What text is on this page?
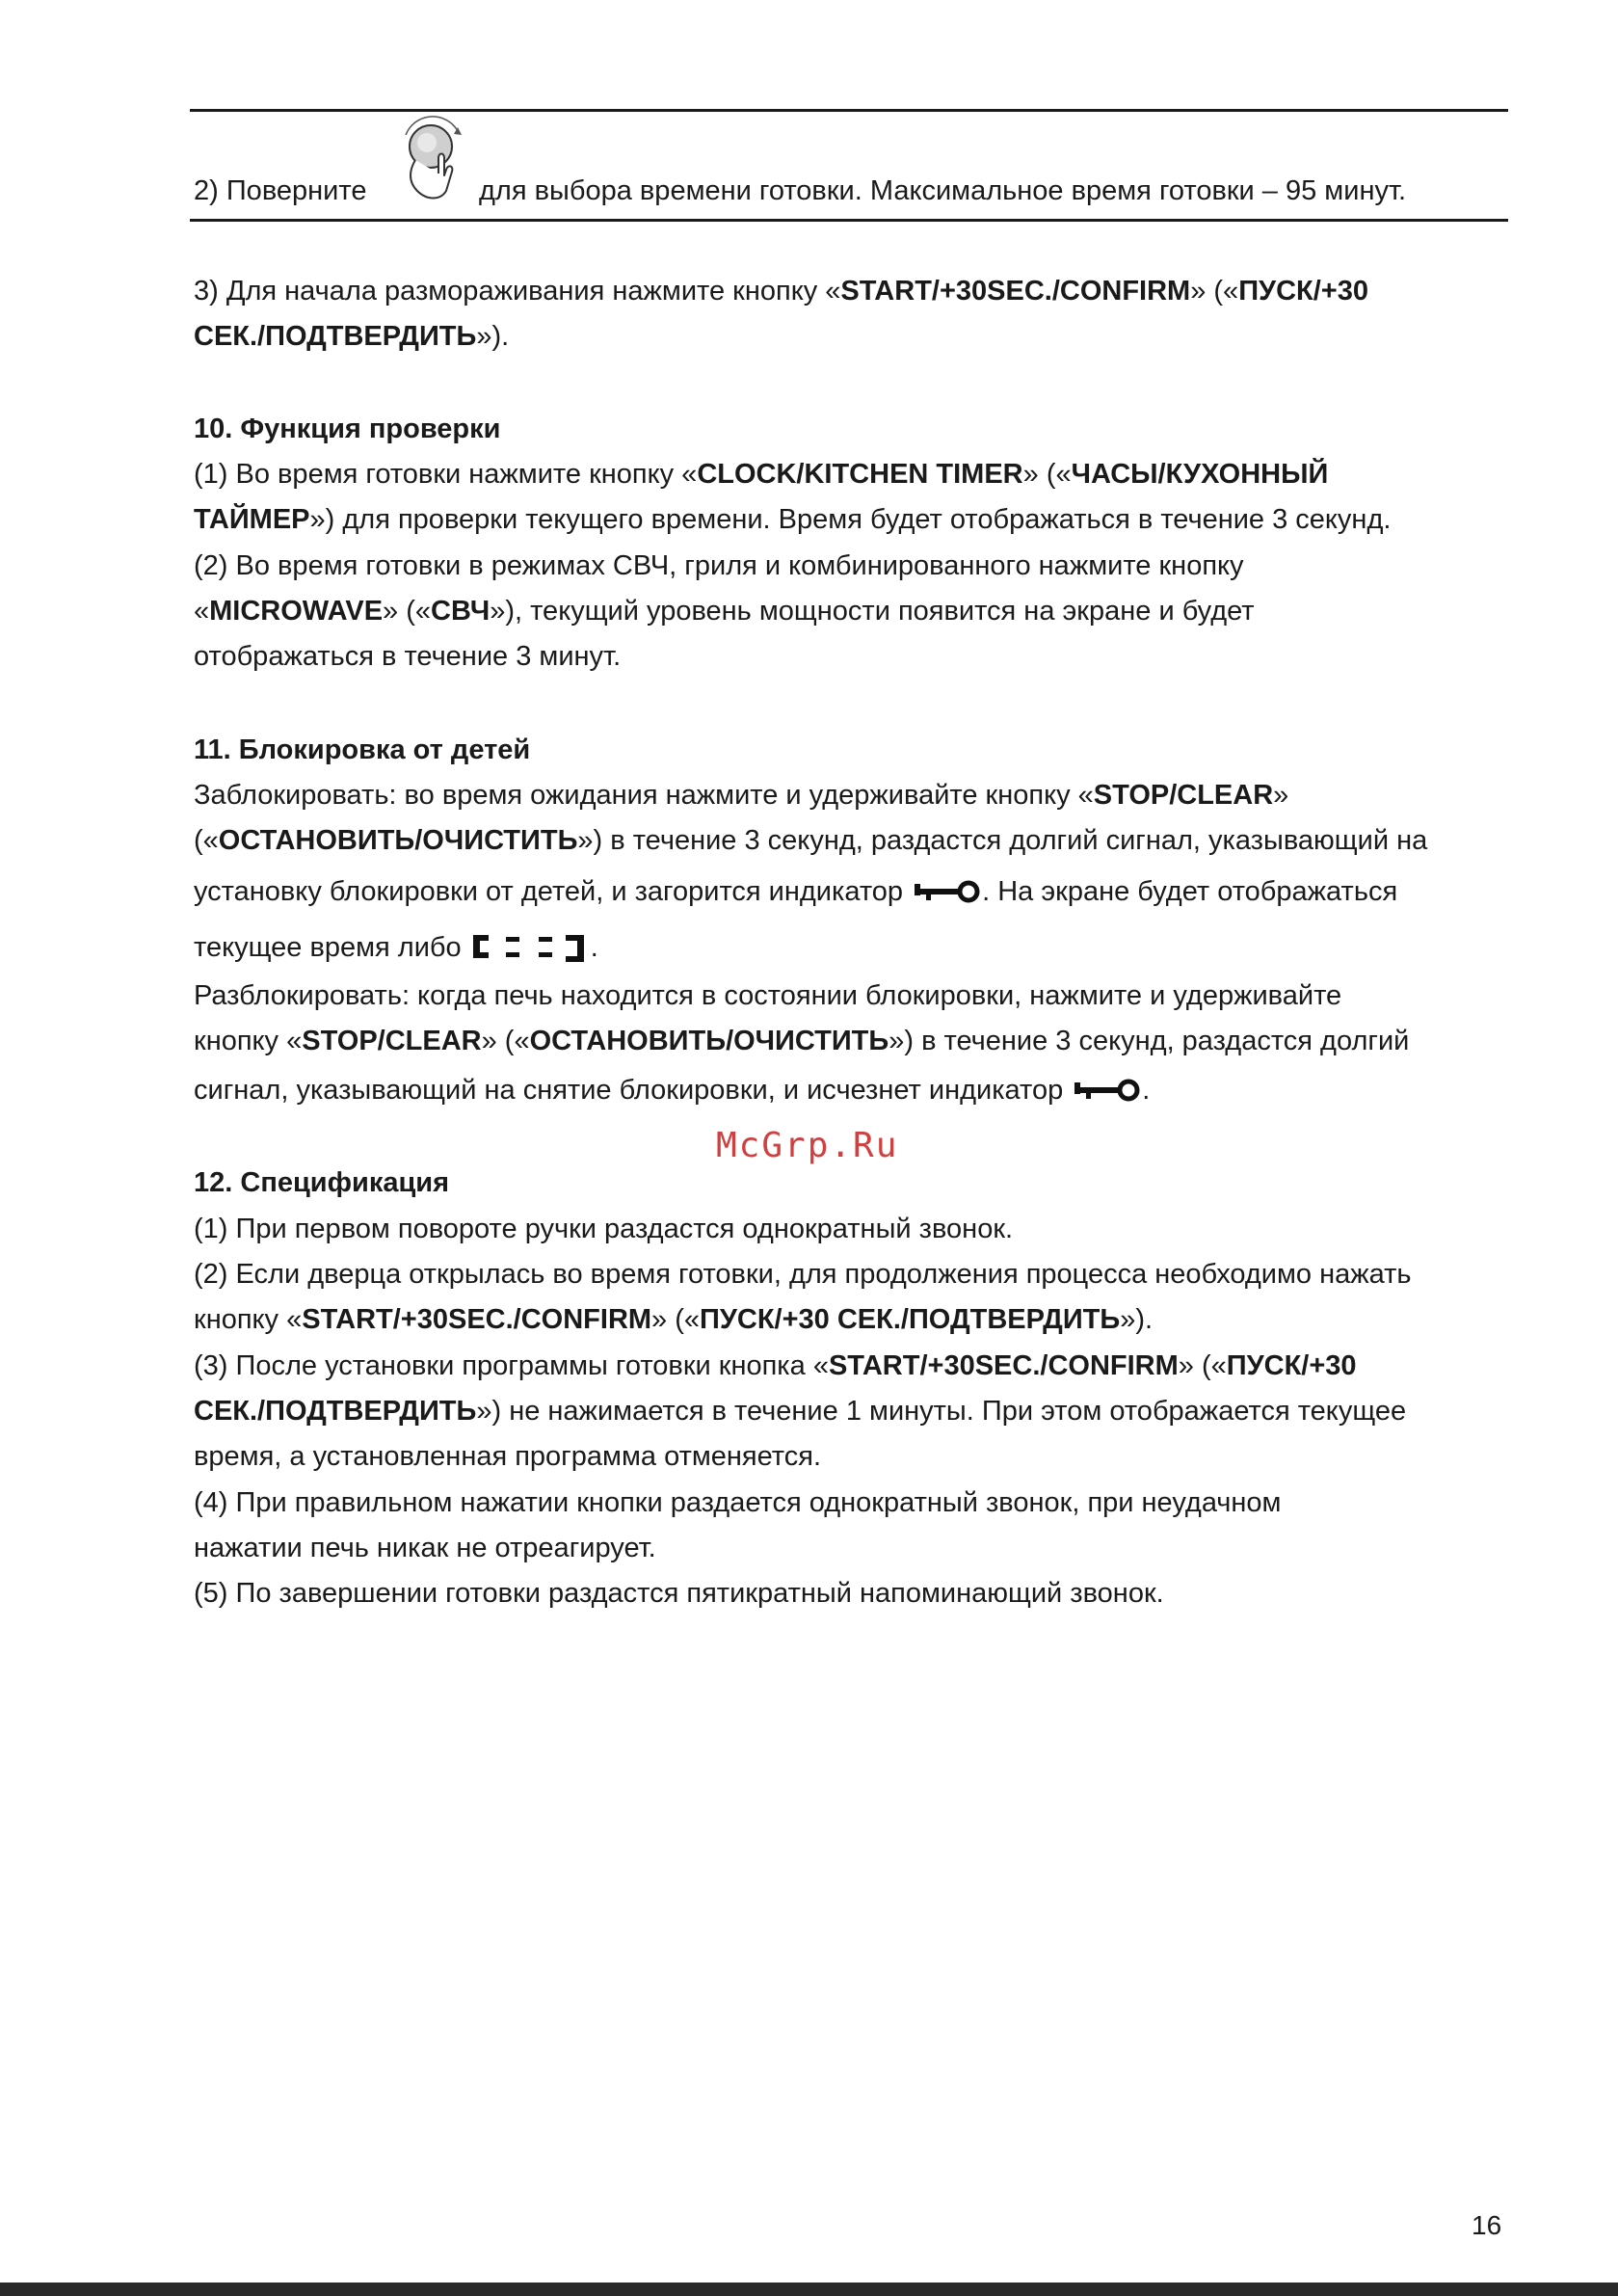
2) Поверните	для выбора времени готовки. Максимальное время готовки – 95 минут.
3) Для начала размораживания нажмите кнопку «START/+30SEC./CONFIRM» («ПУСК/+30
СЕК./ПОДТВЕРДИТЬ»).
10. Функция проверки
(1) Во время готовки нажмите кнопку «CLOCK/KITCHEN TIMER» («ЧАСЫ/КУХОННЫЙ
ТАЙМЕР») для проверки текущего времени. Время будет отображаться в течение 3 секунд.
(2) Во время готовки в режимах СВЧ, гриля и комбинированного нажмите кнопку
«MICROWAVE» («СВЧ»), текущий уровень мощности появится на экране и будет
отображаться в течение 3 минут.
11. Блокировка от детей
Заблокировать: во время ожидания нажмите и удерживайте кнопку «STOP/CLEAR»
(«ОСТАНОВИТЬ/ОЧИСТИТЬ») в течение 3 секунд, раздастся долгий сигнал, указывающий на
установку блокировки от детей, и загорится индикатор	. На экране будет отображаться
текущее время либо	.
Разблокировать: когда печь находится в состоянии блокировки, нажмите и удерживайте
кнопку «STOP/CLEAR» («ОСТАНОВИТЬ/ОЧИСТИТЬ») в течение 3 секунд, раздастся долгий
сигнал, указывающий на снятие блокировки, и исчезнет индикатор	.
McGrp.Ru
12. Спецификация
(1) При первом повороте ручки раздастся однократный звонок.
(2) Если дверца открылась во время готовки, для продолжения процесса необходимо нажать
кнопку «START/+30SEC./CONFIRM» («ПУСК/+30 СЕК./ПОДТВЕРДИТЬ»).
(3) После установки программы готовки кнопка «START/+30SEC./CONFIRM» («ПУСК/+30
СЕК./ПОДТВЕРДИТЬ») не нажимается в течение 1 минуты. При этом отображается текущее
время, а установленная программа отменяется.
(4) При правильном нажатии кнопки раздается однократный звонок, при неудачном
нажатии печь никак не отреагирует.
(5) По завершении готовки раздастся пятикратный напоминающий звонок.
16
